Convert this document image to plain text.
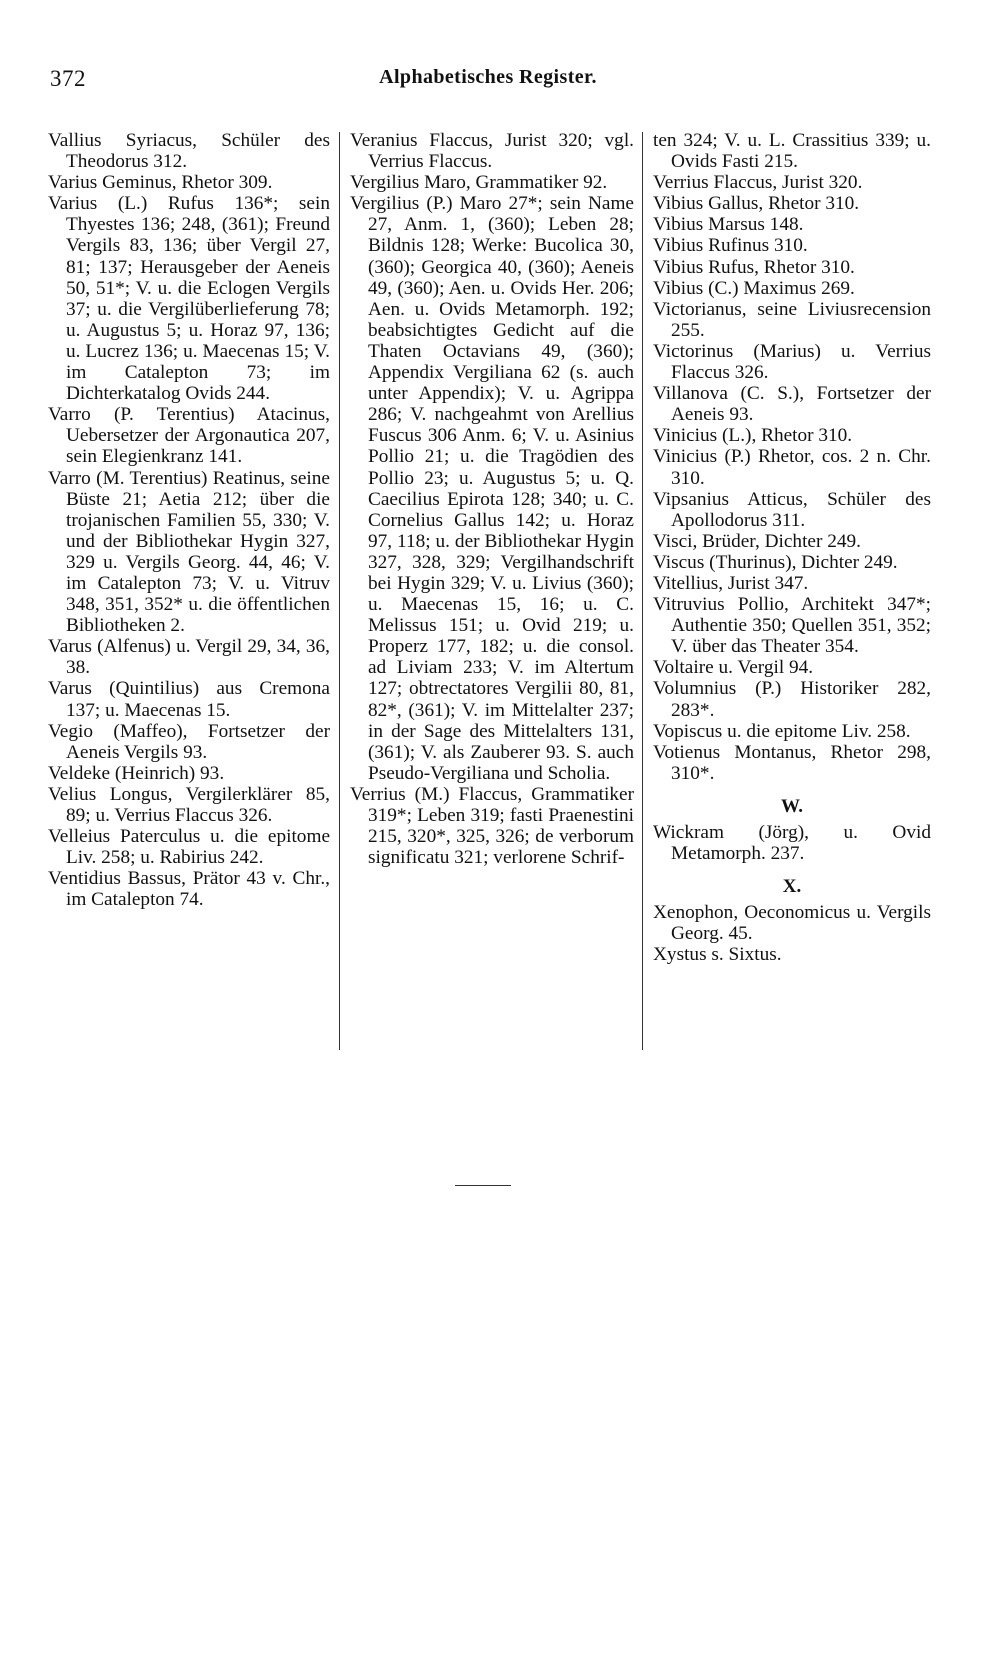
372	Alphabetisches Register.
Vallius Syriacus, Schüler des Theodorus 312.
Varius Geminus, Rhetor 309.
Varius (L.) Rufus 136*; sein Thyestes 136; 248, (361); Freund Vergils 83, 136; über Vergil 27, 81; 137; Herausgeber der Aeneis 50, 51*; V. u. die Eclogen Vergils 37; u. die Vergilüberlieferung 78; u. Augustus 5; u. Horaz 97, 136; u. Lucrez 136; u. Maecenas 15; V. im Catalepton 73; im Dichterkatalog Ovids 244.
Varro (P. Terentius) Atacinus, Uebersetzer der Argonautica 207, sein Elegienkranz 141.
Varro (M. Terentius) Reatinus, seine Büste 21; Aetia 212; über die trojanischen Familien 55, 330; V. und der Bibliothekar Hygin 327, 329 u. Vergils Georg. 44, 46; V. im Catalepton 73; V. u. Vitruv 348, 351, 352* u. die öffentlichen Bibliotheken 2.
Varus (Alfenus) u. Vergil 29, 34, 36, 38.
Varus (Quintilius) aus Cremona 137; u. Maecenas 15.
Vegio (Maffeo), Fortsetzer der Aeneis Vergils 93.
Veldeke (Heinrich) 93.
Velius Longus, Vergilerklärer 85, 89; u. Verrius Flaccus 326.
Velleius Paterculus u. die epitome Liv. 258; u. Rabirius 242.
Ventidius Bassus, Prätor 43 v. Chr., im Catalepton 74.
Veranius Flaccus, Jurist 320; vgl. Verrius Flaccus.
Vergilius Maro, Grammatiker 92.
Vergilius (P.) Maro 27*; sein Name 27, Anm. 1, (360); Leben 28; Bildnis 128; Werke: Bucolica 30, (360); Georgica 40, (360); Aeneis 49, (360); Aen. u. Ovids Her. 206; Aen. u. Ovids Metamorph. 192; beabsichtigtes Gedicht auf die Thaten Octavians 49, (360); Appendix Vergiliana 62 (s. auch unter Appendix); V. u. Agrippa 286; V. nachgeahmt von Arellius Fuscus 306 Anm. 6; V. u. Asinius Pollio 21; u. die Tragödien des Pollio 23; u. Augustus 5; u. Q. Caecilius Epirota 128; 340; u. C. Cornelius Gallus 142; u. Horaz 97, 118; u. der Bibliothekar Hygin 327, 328, 329; Vergilhandschrift bei Hygin 329; V. u. Livius (360); u. Maecenas 15, 16; u. C. Melissus 151; u. Ovid 219; u. Properz 177, 182; u. die consol. ad Liviam 233; V. im Altertum 127; obtrectatores Vergilii 80, 81, 82*, (361); V. im Mittelalter 237; in der Sage des Mittelalters 131, (361); V. als Zauberer 93. S. auch Pseudo-Vergiliana und Scholia.
Verrius (M.) Flaccus, Grammatiker 319*; Leben 319; fasti Praenestini 215, 320*, 325, 326; de verborum significatu 321; verlorene Schrif-
ten 324; V. u. L. Crassitius 339; u. Ovids Fasti 215.
Verrius Flaccus, Jurist 320.
Vibius Gallus, Rhetor 310.
Vibius Marsus 148.
Vibius Rufinus 310.
Vibius Rufus, Rhetor 310.
Vibius (C.) Maximus 269.
Victorianus, seine Liviusrecension 255.
Victorinus (Marius) u. Verrius Flaccus 326.
Villanova (C. S.), Fortsetzer der Aeneis 93.
Vinicius (L.), Rhetor 310.
Vinicius (P.) Rhetor, cos. 2 n. Chr. 310.
Vipsanius Atticus, Schüler des Apollodorus 311.
Visci, Brüder, Dichter 249.
Viscus (Thurinus), Dichter 249.
Vitellius, Jurist 347.
Vitruvius Pollio, Architekt 347*; Authentie 350; Quellen 351, 352; V. über das Theater 354.
Voltaire u. Vergil 94.
Volumnius (P.) Historiker 282, 283*.
Vopiscus u. die epitome Liv. 258.
Votienus Montanus, Rhetor 298, 310*.
W.
Wickram (Jörg), u. Ovid Metamorph. 237.
X.
Xenophon, Oeconomicus u. Vergils Georg. 45.
Xystus s. Sixtus.
